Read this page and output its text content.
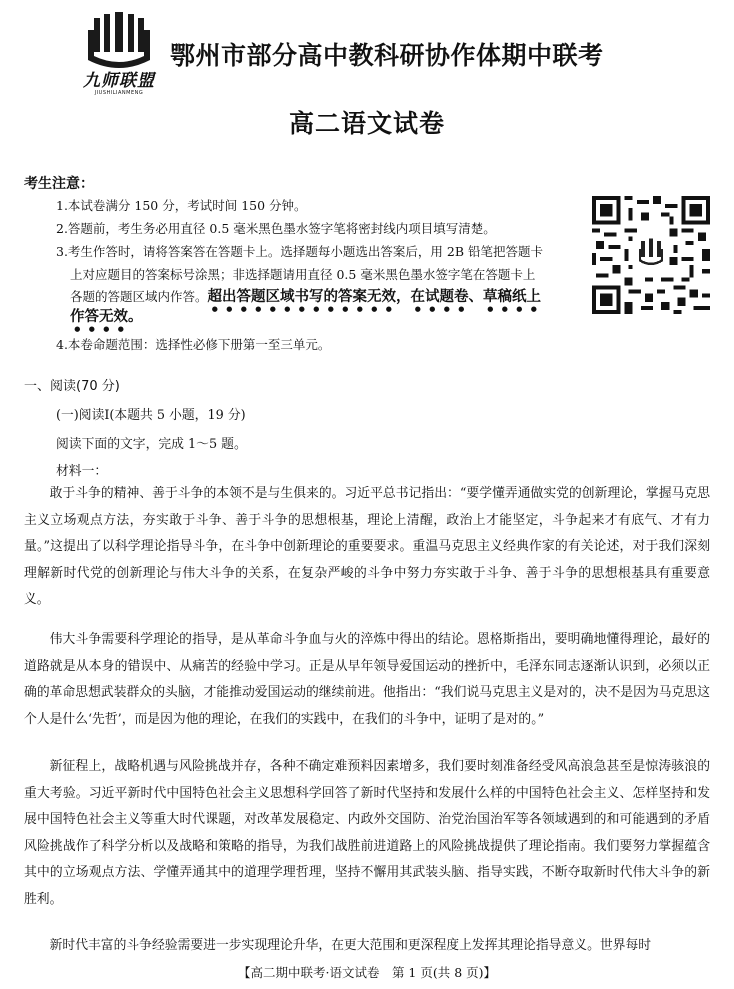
九师联盟
JIUSHILIANMENG
鄂州市部分高中教科研协作体期中联考
高二语文试卷
考生注意：
1.本试卷满分 150 分，考试时间 150 分钟。
2.答题前，考生务必用直径 0.5 毫米黑色墨水签字笔将密封线内项目填写清楚。
3.考生作答时，请将答案答在答题卡上。选择题每小题选出答案后，用 2B 铅笔把答题卡
上对应题目的答案标号涂黑；非选择题请用直径 0.5 毫米黑色墨水签字笔在答题卡上
各题的答题区域内作答。超出答题区域书写的答案无效，在试题卷、草稿纸上
作答无效。
4.本卷命题范围：选择性必修下册第一至三单元。
一、阅读(70 分)
(一)阅读Ⅰ(本题共 5 小题，19 分)
阅读下面的文字，完成 1～5 题。
材料一：
敢于斗争的精神、善于斗争的本领不是与生俱来的。习近平总书记指出：“要学懂弄通做实党的创新理论，掌握马克思主义立场观点方法，夯实敢于斗争、善于斗争的思想根基，理论上清醒，政治上才能坚定，斗争起来才有底气、才有力量。”这提出了以科学理论指导斗争，在斗争中创新理论的重要要求。重温马克思主义经典作家的有关论述，对于我们深刻理解新时代党的创新理论与伟大斗争的关系，在复杂严峻的斗争中努力夯实敢于斗争、善于斗争的思想根基具有重要意义。
伟大斗争需要科学理论的指导，是从革命斗争血与火的淬炼中得出的结论。恩格斯指出，要明确地懂得理论，最好的道路就是从本身的错误中、从痛苦的经验中学习。正是从早年领导爱国运动的挫折中，毛泽东同志逐渐认识到，必须以正确的革命思想武装群众的头脑，才能推动爱国运动的继续前进。他指出：“我们说马克思主义是对的，决不是因为马克思这个人是什么‘先哲’，而是因为他的理论，在我们的实践中，在我们的斗争中，证明了是对的。”
新征程上，战略机遇与风险挑战并存，各种不确定难预料因素增多，我们要时刻准备经受风高浪急甚至是惊涛骇浪的重大考验。习近平新时代中国特色社会主义思想科学回答了新时代坚持和发展什么样的中国特色社会主义、怎样坚持和发展中国特色社会主义等重大时代课题，对改革发展稳定、内政外交国防、治党治国治军等各领域遇到的和可能遇到的矛盾风险挑战作了科学分析以及战略和策略的指导，为我们战胜前进道路上的风险挑战提供了理论指南。我们要努力掌握蕴含其中的立场观点方法、学懂弄通其中的道理学理哲理，坚持不懈用其武装头脑、指导实践，不断夺取新时代伟大斗争的新胜利。
新时代丰富的斗争经验需要进一步实现理论升华，在更大范围和更深程度上发挥其理论指导意义。世界每时
【高二期中联考·语文试卷　第 1 页(共 8 页)】
